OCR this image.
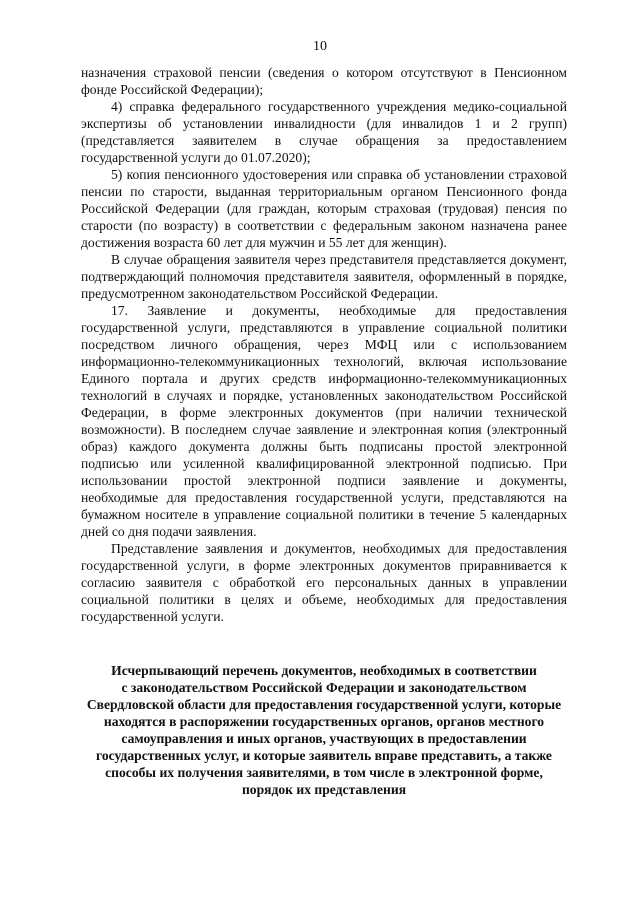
10

назначения страховой пенсии (сведения о котором отсутствуют в Пенсионном фонде Российской Федерации);

4) справка федерального государственного учреждения медико-социальной экспертизы об установлении инвалидности (для инвалидов 1 и 2 групп) (представляется заявителем в случае обращения за предоставлением государственной услуги до 01.07.2020);

5) копия пенсионного удостоверения или справка об установлении страховой пенсии по старости, выданная территориальным органом Пенсионного фонда Российской Федерации (для граждан, которым страховая (трудовая) пенсия по старости (по возрасту) в соответствии с федеральным законом назначена ранее достижения возраста 60 лет для мужчин и 55 лет для женщин).

В случае обращения заявителя через представителя представляется документ, подтверждающий полномочия представителя заявителя, оформленный в порядке, предусмотренном законодательством Российской Федерации.

17. Заявление и документы, необходимые для предоставления государственной услуги, представляются в управление социальной политики посредством личного обращения, через МФЦ или с использованием информационно-телекоммуникационных технологий, включая использование Единого портала и других средств информационно-телекоммуникационных технологий в случаях и порядке, установленных законодательством Российской Федерации, в форме электронных документов (при наличии технической возможности). В последнем случае заявление и электронная копия (электронный образ) каждого документа должны быть подписаны простой электронной подписью или усиленной квалифицированной электронной подписью. При использовании простой электронной подписи заявление и документы, необходимые для предоставления государственной услуги, представляются на бумажном носителе в управление социальной политики в течение 5 календарных дней со дня подачи заявления.

Представление заявления и документов, необходимых для предоставления государственной услуги, в форме электронных документов приравнивается к согласию заявителя с обработкой его персональных данных в управлении социальной политики в целях и объеме, необходимых для предоставления государственной услуги.

Исчерпывающий перечень документов, необходимых в соответствии
с законодательством Российской Федерации и законодательством
Свердловской области для предоставления государственной услуги, которые
находятся в распоряжении государственных органов, органов местного
самоуправления и иных органов, участвующих в предоставлении
государственных услуг, и которые заявитель вправе представить, а также
способы их получения заявителями, в том числе в электронной форме,
порядок их представления
